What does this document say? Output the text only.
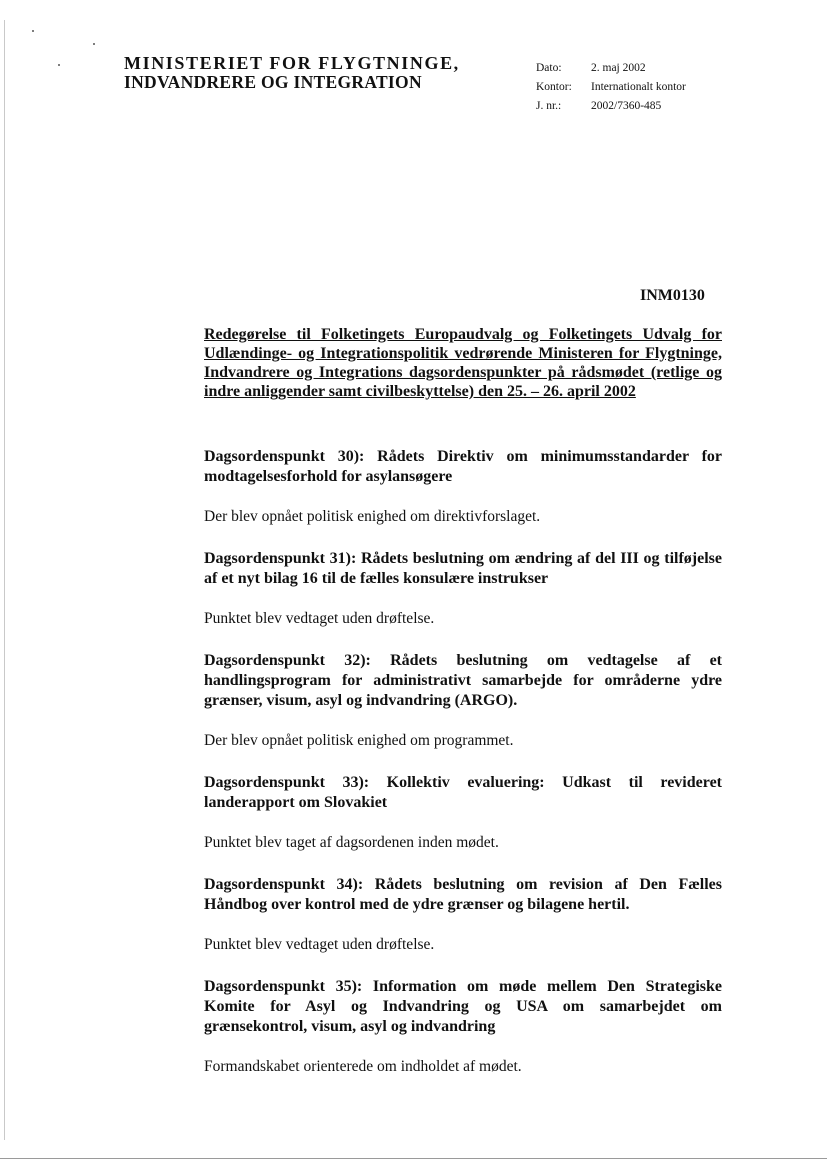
MINISTERIET FOR FLYGTNINGE,
INDVANDRERE OG INTEGRATION
Dato:	2. maj 2002
Kontor:	Internationalt kontor
J. nr.:	2002/7360-485
INM0130

Redegørelse til Folketingets Europaudvalg og Folketingets Udvalg for Udlændinge- og Integrationspolitik vedrørende Ministeren for Flygtninge, Indvandrere og Integrations dagsordenspunkter på rådsmødet (retlige og indre anliggender samt civilbeskyttelse) den 25. – 26. april 2002

Dagsordenspunkt 30): Rådets Direktiv om minimumsstandarder for modtagelsesforhold for asylansøgere

Der blev opnået politisk enighed om direktivforslaget.

Dagsordenspunkt 31): Rådets beslutning om ændring af del III og tilføjelse af et nyt bilag 16 til de fælles konsulære instrukser

Punktet blev vedtaget uden drøftelse.

Dagsordenspunkt 32): Rådets beslutning om vedtagelse af et handlingsprogram for administrativt samarbejde for områderne ydre grænser, visum, asyl og indvandring (ARGO).

Der blev opnået politisk enighed om programmet.

Dagsordenspunkt 33): Kollektiv evaluering: Udkast til revideret landerapport om Slovakiet

Punktet blev taget af dagsordenen inden mødet.

Dagsordenspunkt 34): Rådets beslutning om revision af Den Fælles Håndbog over kontrol med de ydre grænser og bilagene hertil.

Punktet blev vedtaget uden drøftelse.

Dagsordenspunkt 35): Information om møde mellem Den Strategiske Komite for Asyl og Indvandring og USA om samarbejdet om grænsekontrol, visum, asyl og indvandring

Formandskabet orienterede om indholdet af mødet.
